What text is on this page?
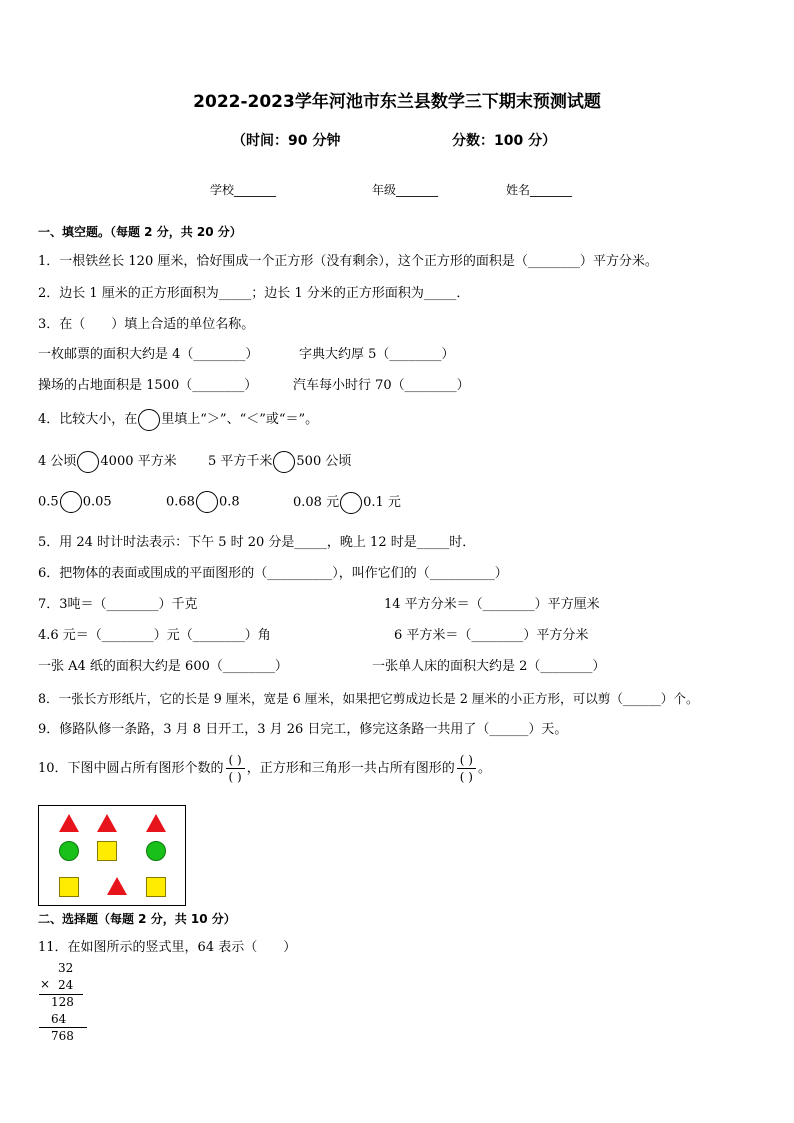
2022-2023学年河池市东兰县数学三下期末预测试题
（时间：90 分钟	分数：100 分）
学校_______	年级_______	姓名_______
一、填空题。（每题 2 分，共 20 分）
1．一根铁丝长 120 厘米，恰好围成一个正方形（没有剩余），这个正方形的面积是（________）平方分米。
2．边长 1 厘米的正方形面积为_____；边长 1 分米的正方形面积为_____．
3．在（　　）填上合适的单位名称。
一枚邮票的面积大约是 4（________）	字典大约厚 5（________）
操场的占地面积是 1500（________）	汽车每小时行 70（________）
4．比较大小，在 里填上“＞”、“＜”或“＝”。
4 公顷 4000 平方米 5 平方千米 500 公顷
0.5 0.05	0.68 0.8	0.08 元 0.1 元
5．用 24 时计时法表示：下午 5 时 20 分是_____，晚上 12 时是_____时．
6．把物体的表面或围成的平面图形的（__________），叫作它们的（__________）
7．3吨＝（________）千克	14 平方分米＝（________）平方厘米
4.6 元＝（________）元（________）角	6 平方米＝（________）平方分米
一张 A4 纸的面积大约是 600（________）	一张单人床的面积大约是 2（________）
8．一张长方形纸片，它的长是 9 厘米，宽是 6 厘米，如果把它剪成边长是 2 厘米的小正方形，可以剪（______）个。
9．修路队修一条路，3 月 8 日开工，3 月 26 日完工，修完这条路一共用了（______）天。
10．下图中圆占所有图形个数的 $\frac{( )}{( )}$ ，正方形和三角形一共占所有图形的 $\frac{( )}{( )}$ 。
二、选择题（每题 2 分，共 10 分）
11．在如图所示的竖式里，64 表示（　　）
32
× 24
128
64
768
